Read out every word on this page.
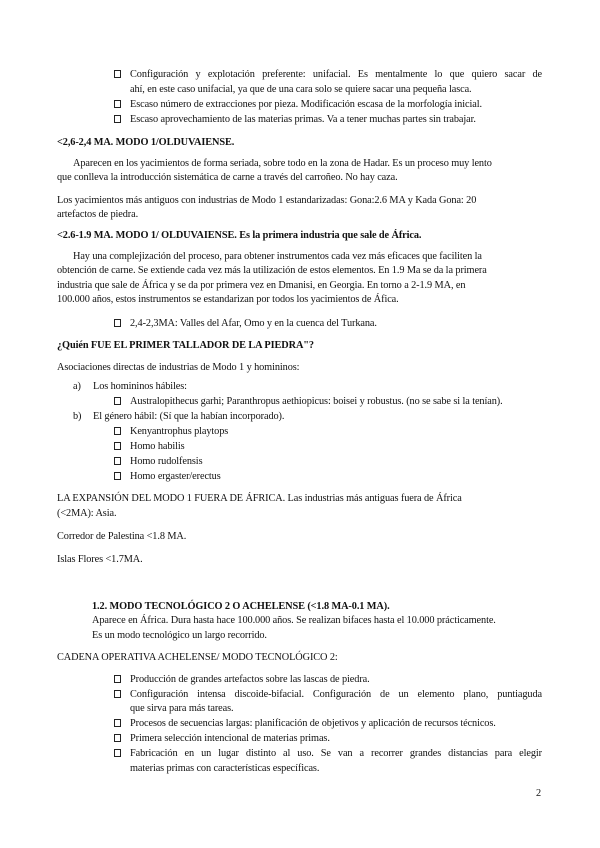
Configuración y explotación preferente: unifacial. Es mentalmente lo que quiero sacar de
ahí, en este caso unifacial, ya que de una cara solo se quiere sacar una pequeña lasca.
Escaso número de extracciones por pieza. Modificación escasa de la morfología inicial.
Escaso aprovechamiento de las materias primas. Va a tener muchas partes sin trabajar.
<2,6-2,4 MA. MODO 1/OLDUVAIENSE.
Aparecen en los yacimientos de forma seriada, sobre todo en la zona de Hadar. Es un proceso muy lento
que conlleva la introducción sistemática de carne a través del carroñeo. No hay caza.
Los yacimientos más antiguos con industrias de Modo 1 estandarizadas: Gona:2.6 MA y Kada Gona: 20
artefactos de piedra.
<2.6-1.9 MA. MODO 1/ OLDUVAIENSE. Es la primera industria que sale de África.
Hay una complejización del proceso, para obtener instrumentos cada vez más eficaces que faciliten la
obtención de carne. Se extiende cada vez más la utilización de estos elementos. En 1.9 Ma se da la primera
industria que sale de África y se da por primera vez en Dmanisi, en Georgia. En torno a 2-1.9 MA, en
100.000 años, estos instrumentos se estandarizan por todos los yacimientos de Áfica.
2,4-2,3MA: Valles del Afar, Omo y en la cuenca del Turkana.
¿Quién FUE EL PRIMER TALLADOR DE LA PIEDRA"?
Asociaciones directas de industrias de Modo 1 y homininos:
a) Los homininos hábiles:
Australopithecus garhi; Paranthropus aethiopicus: boisei y robustus. (no se sabe si la tenían).
b) El género hábil: (Sí que la habían incorporado).
Kenyantrophus playtops
Homo habilis
Homo rudolfensis
Homo ergaster/erectus
LA EXPANSIÓN DEL MODO 1 FUERA DE ÁFRICA. Las industrias más antiguas fuera de África
(<2MA): Asia.
Corredor de Palestina <1.8 MA.
Islas Flores <1.7MA.
1.2. MODO TECNOLÓGICO 2 O ACHELENSE (<1.8 MA-0.1 MA).
Aparece en África. Dura hasta hace 100.000 años. Se realizan bifaces hasta el 10.000 prácticamente.
Es un modo tecnológico un largo recorrido.
CADENA OPERATIVA ACHELENSE/ MODO TECNOLÓGICO 2:
Producción de grandes artefactos sobre las lascas de piedra.
Configuración intensa discoide-bifacial. Configuración de un elemento plano, puntiaguda
que sirva para más tareas.
Procesos de secuencias largas: planificación de objetivos y aplicación de recursos técnicos.
Primera selección intencional de materias primas.
Fabricación en un lugar distinto al uso. Se van a recorrer grandes distancias para elegir
materias primas con características específicas.
2
